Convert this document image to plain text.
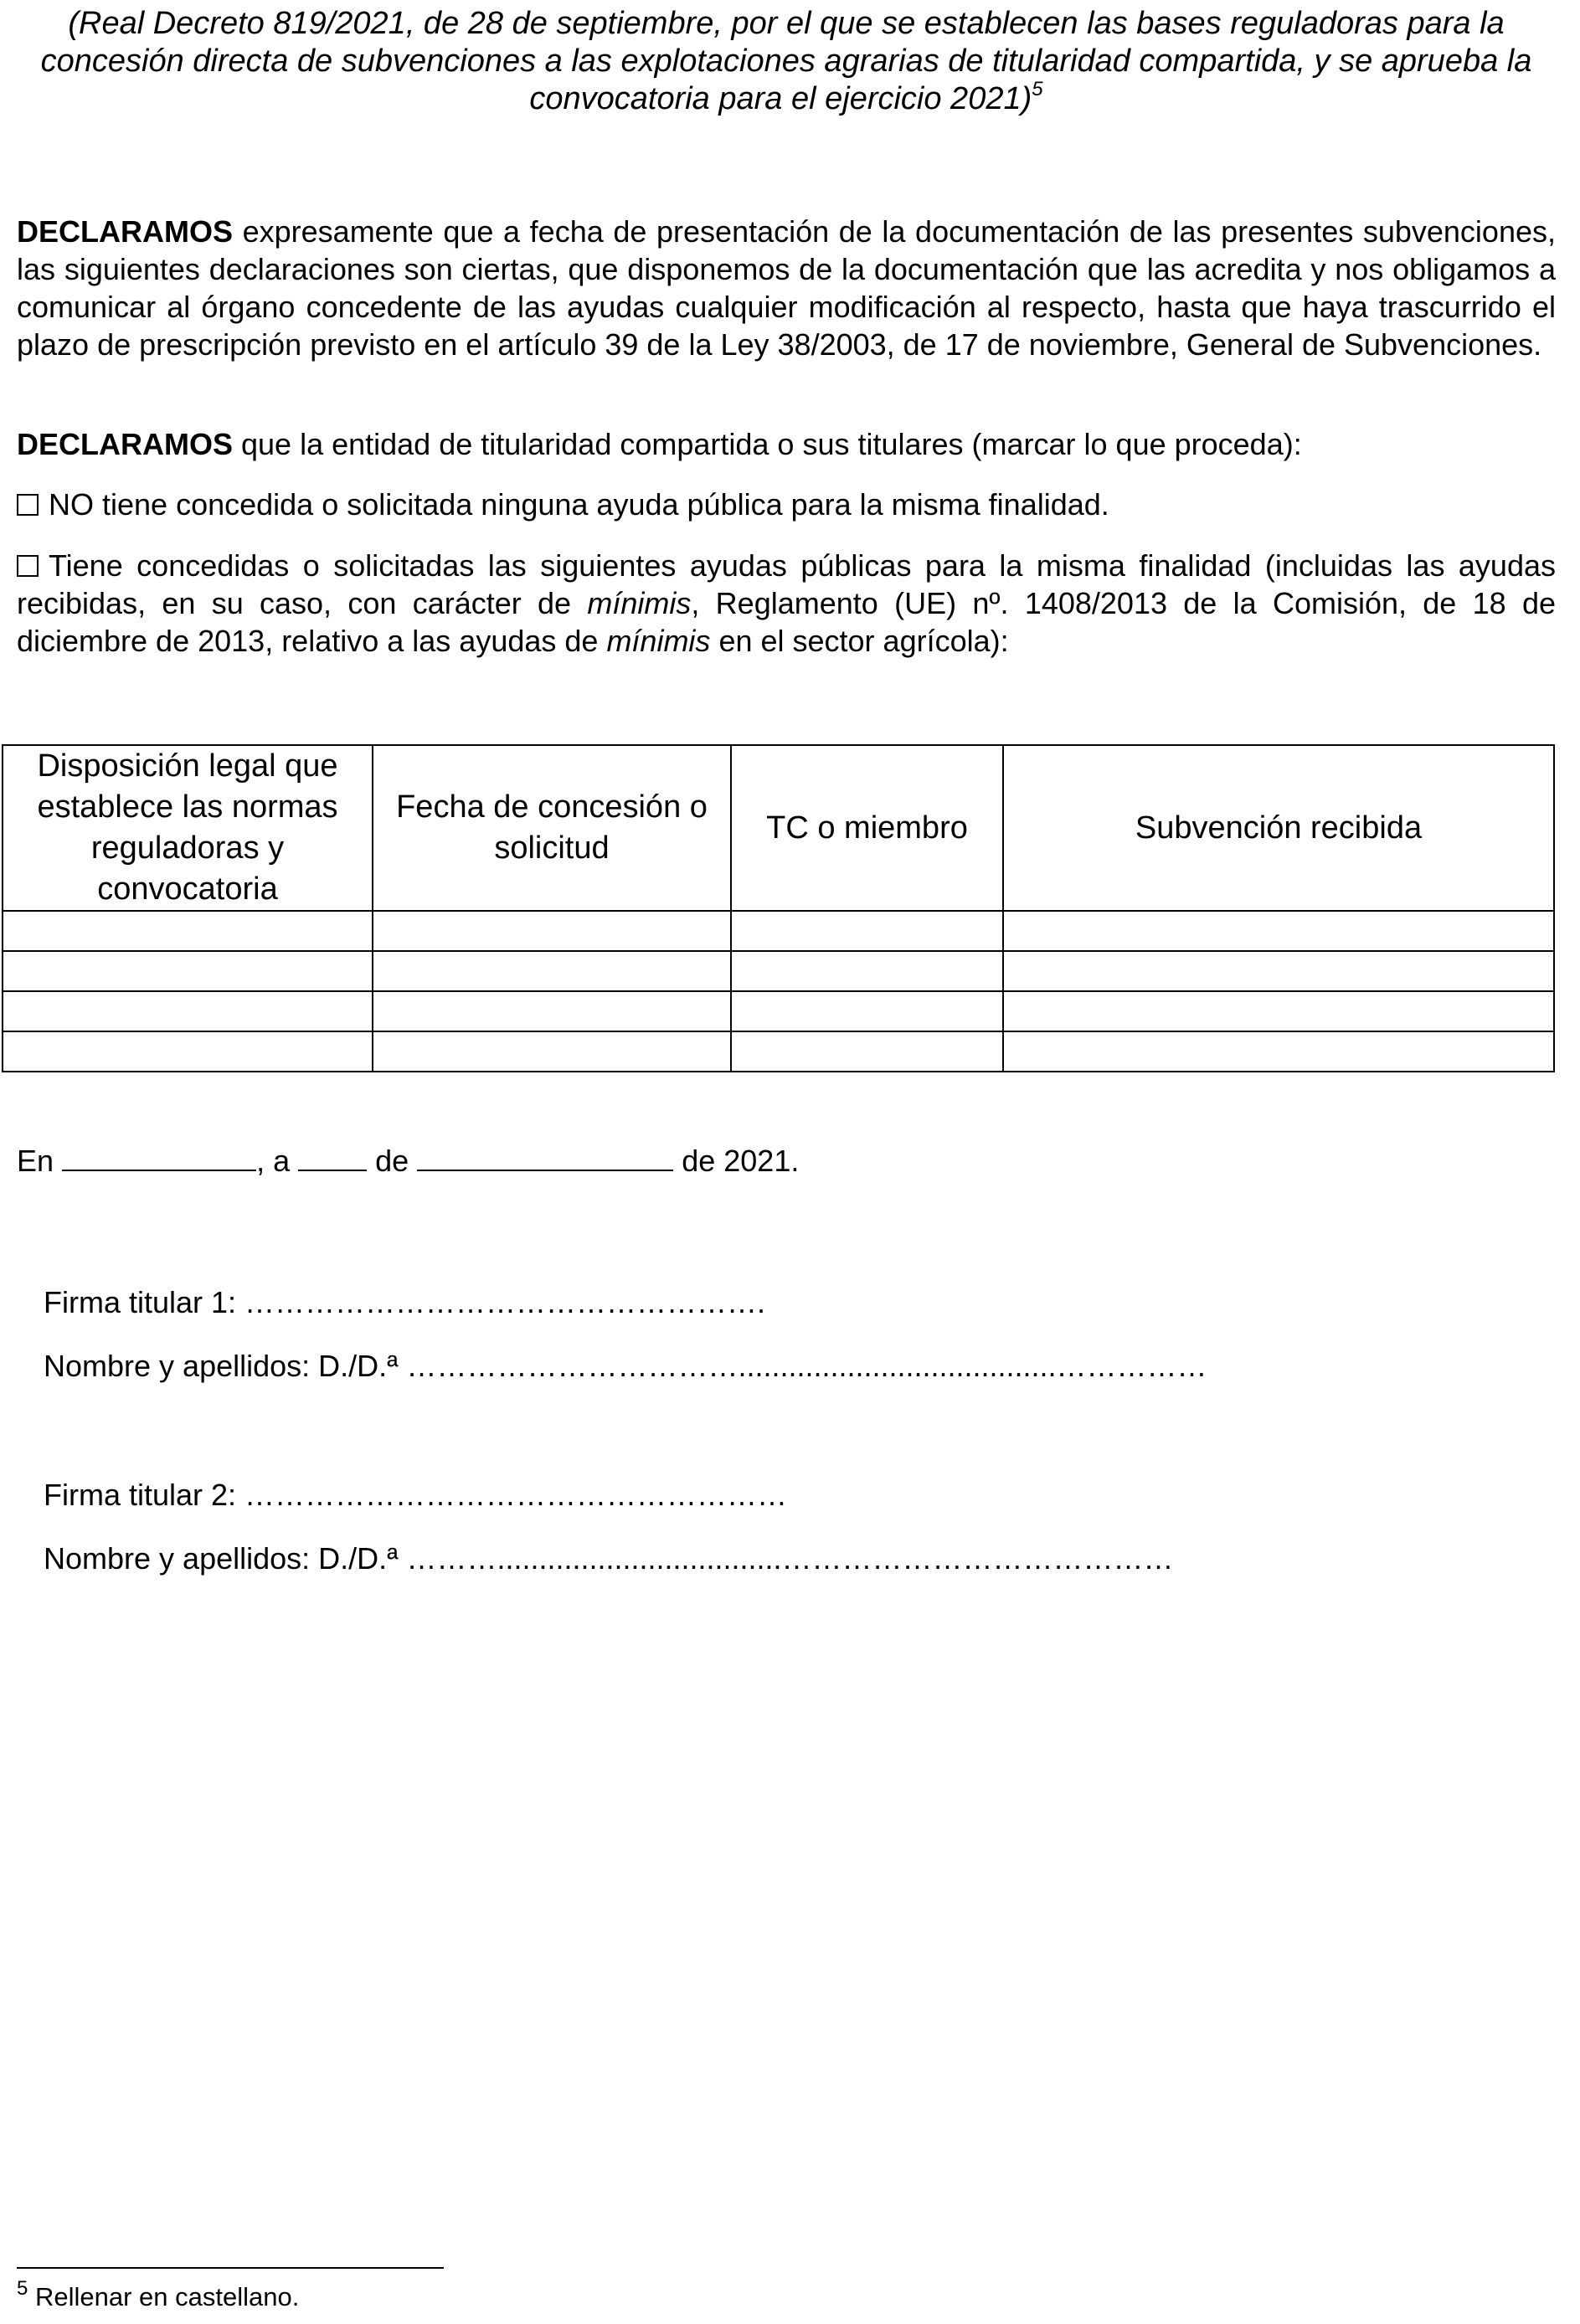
(Real Decreto 819/2021, de 28 de septiembre, por el que se establecen las bases reguladoras para la concesión directa de subvenciones a las explotaciones agrarias de titularidad compartida, y se aprueba la convocatoria para el ejercicio 2021)$^5$
DECLARAMOS expresamente que a fecha de presentación de la documentación de las presentes subvenciones, las siguientes declaraciones son ciertas, que disponemos de la documentación que las acredita y nos obligamos a comunicar al órgano concedente de las ayudas cualquier modificación al respecto, hasta que haya trascurrido el plazo de prescripción previsto en el artículo 39 de la Ley 38/2003, de 17 de noviembre, General de Subvenciones.
DECLARAMOS que la entidad de titularidad compartida o sus titulares (marcar lo que proceda):
NO tiene concedida o solicitada ninguna ayuda pública para la misma finalidad.
Tiene concedidas o solicitadas las siguientes ayudas públicas para la misma finalidad (incluidas las ayudas recibidas, en su caso, con carácter de mínimis, Reglamento (UE) nº. 1408/2013 de la Comisión, de 18 de diciembre de 2013, relativo a las ayudas de mínimis en el sector agrícola):
Disposición legal que establece las normas reguladoras y convocatoria	Fecha de concesión o solicitud	TC o miembro	Subvención recibida

En	, a	de	de 2021.
Firma titular 1: …………………………………………….
Nombre y apellidos: D./D.ª ……………………………......................................……………
Firma titular 2: ………………………………………………
Nombre y apellidos: D./D.ª ………..................................…………………………………
$^5$ Rellenar en castellano.
